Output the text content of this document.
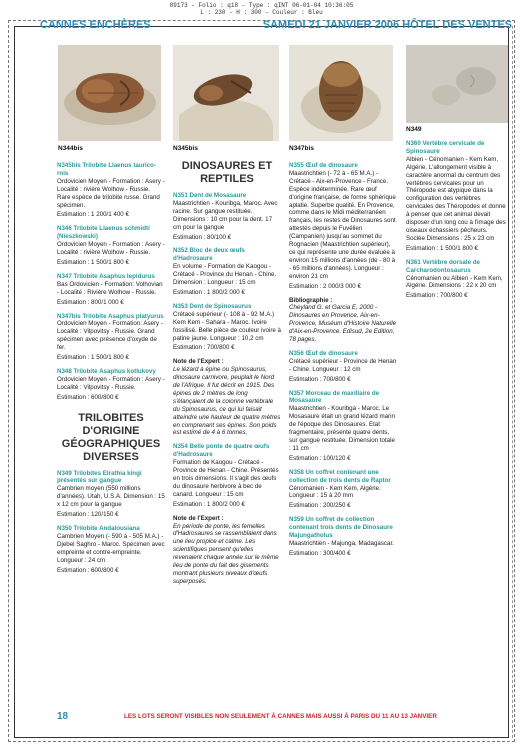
89173 - Folio : q18 - Type : qINT 06-01-04 10:36:05
L : 230 - H : 300 - Couleur : Bleu
CANNES ENCHÈRES	SAMEDI 21 JANVIER 2006 HÔTEL DES VENTES
N344bis	N345bis	N347bis
N349
N345bis Trilobite Llaenus taurico-rnis
Ordovicien Moyen - Formation : Asery - Localité : rivière Wolhow - Russie. Rare espèce de trilobite russe. Grand spécimen.
Estimation : 1 200/1 400 €
N346 Trilobite Llaenus schmidti (Nieszkowski)
Ordovicien Moyen - Formation : Asery - Localité : rivière Wolhow - Russie.
Estimation : 1 500/1 800 €
N347 Trilobite Asaphus lepidurus
Bas Ordovicien - Formation: Volhovian - Localité : Rivière Wolhow - Russie.
Estimation : 800/1 000 €
N347bis Trilobite Asaphus platyurus
Ordovicien Moyen - Formation: Asery - Localité : Vilpovitsy - Russie. Grand spécimen avec présence d'oxyde de fer.
Estimation : 1 500/1 800 €
N348 Trilobite Asaphus kotlukovy
Ordovicien Moyen - Formation : Asery - Localité : Vilpovitsy - Russie.
Estimation : 600/800 €
TRILOBITES D'ORIGINE GÉOGRAPHIQUES DIVERSES
N349 Trilobites Elrathia kingi présentés sur gangue
Cambrien moyen (550 millions d'années). Utah, U.S.A. Dimension : 15 x 12 cm pour la gangue
Estimation : 120/150 €
N350 Trilobite Andalousiana
Cambrien Moyen (- 590 à - 505 M.A.) - Djebel Saghro - Maroc. Spécimen avec empreinte et contre-empreinte. Longueur : 24 cm
Estimation : 600/800 €
DINOSAURES ET REPTILES
N351 Dent de Mosasaure
Maastrichtien - Kouribga, Maroc. Avec racine. Sur gangue restituée. Dimensions : 10 cm pour la dent. 17 cm pour la gangue
Estimation : 80/100 €
N352 Bloc de deux œufs d'Hadrosaure
En volume - Formation de Kaogou - Crétacé - Province du Henan - Chine. Dimension : Longueur : 15 cm
Estimation : 1 800/2 000 €
N353 Dent de Spinosaurus
Crétacé supérieur (- 108 à - 92 M.A.) Kem Kem - Sahara - Maroc. Ivoire fossilisé. Belle pièce de couleur ivoire à patine jaune. Longueur : 10,2 cm
Estimation : 700/800 €
Note de l'Expert :
Le lézard à épine ou Spinosaurus, dinosaure carnivore, peuplait le Nord de l'Afrique. Il fut décrit en 1915. Des épines de 2 mètres de long s'élançaient de la colonne vertébrale du Spinosaurus, ce qui lui faisait atteindre une hauteur de quatre mètres en comprenant ses épines. Son poids est estimé de 4 à 6 tonnes.
N354 Belle ponte de quatre œufs d'Hadrosaure
Formation de Kaogou - Crétacé - Province de Henan - Chine. Présentés en trois dimensions. Il s'agit des œufs du dinosaure herbivore à bec de canard. Longueur : 15 cm
Estimation : 1 800/2 000 €
Note de l'Expert :
En période de ponte, les femelles d'Hadrosaures se rassemblaient dans une lieu propice et calme. Les scientifiques pensent qu'elles revenaient chaque année sur le même lieu de ponte du fait des gisements montrant plusieurs niveaux d'œufs superposés.
N355 Œuf de dinosaure
Maastrichtien (- 72 à - 65 M.A.) - Crétacé - Aix-en-Provence - France. Espèce indéterminée. Rare œuf d'origine française, de forme sphérique aplatie. Superbe qualité. En Provence, comme dans le Midi méditerranéen français, les restes de Dinosaures sont attestés depuis le Fuvélien (Campanien) jusqu'au sommet du Rognacien (Maastrichtien supérieur), ce qui représente une durée évaluée à environ 15 millions d'années (de - 80 à - 65 millions d'années). Longueur : environ 21 cm
Estimation : 2 000/3 000 €
Bibliographie :
Cheyland G. et Garcia E, 2000 - Dinosaures en Provence, Aix-en-Provence, Muséum d'Histoire Naturelle d'Aix-en-Provence. Edisud, 2e Edition, 78 pages.
N356 Œuf de dinosaure
Crétacé supérieur - Province de Henan - Chine. Longueur : 12 cm
Estimation : 700/800 €
N357 Morceau de maxillaire de Mosasaure
Maastrichtien - Kouribga - Maroc. Le Mosasaure était un grand lézard marin de l'époque des Dinosaures. Etat fragmentaire, présente quatre dents, sur gangue restituée. Dimension totale : 11 cm
Estimation : 100/120 €
N358 Un coffret contenant une collection de trois dents de Raptor
Cénomanien - Kem Kem, Algérie. Longueur : 15 à 20 mm
Estimation : 200/250 €
N359 Un coffret de collection contenant trois dents de Dinosaure Majungatholus
Maastrichtien - Majunga, Madagascar.
Estimation : 300/400 €
N360 Vertèbre cervicale de Spinosaure
Albien - Cénomanien - Kem Kem, Algérie. L'allongement visible à caractère anormal du centrum des vertèbres cervicales pour un Théropode est atypique dans la configuration des vertèbres cervicales des Théropodes et donne à penser que cet animal devait disposer d'un long cou à l'image des oiseaux échassiers pêcheurs. Soclée Dimensions : 25 x 23 cm
Estimation : 1 500/1 800 €
N361 Vertèbre dorsale de Carcharodontosaurus
Cénomanien ou Albien - Kem Kem, Algérie. Dimensions : 22 x 20 cm
Estimation : 700/800 €
18	LES LOTS SERONT VISIBLES NON SEULEMENT À CANNES MAIS AUSSI À PARIS DU 11 AU 13 JANVIER
